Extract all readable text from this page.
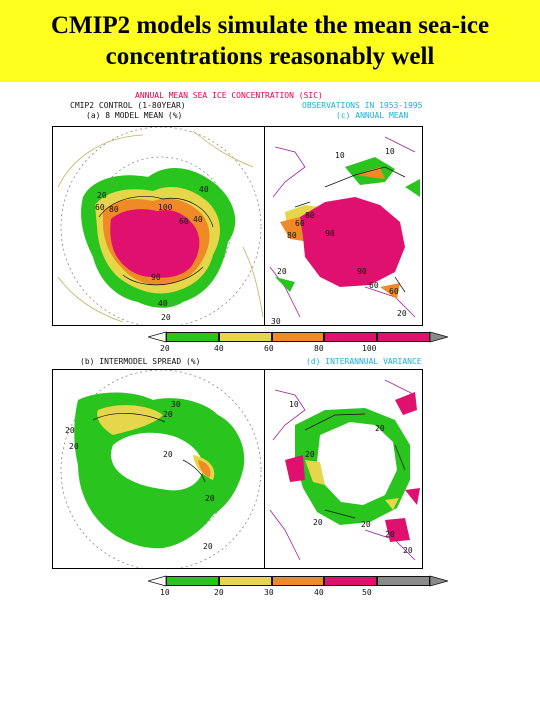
CMIP2 models simulate the mean sea-ice
concentrations reasonably well
ANNUAL MEAN SEA ICE CONCENTRATION (SIC)
CMIP2 CONTROL (1-80YEAR)
(a) 8 MODEL MEAN (%)
OBSERVATIONS IN 1953-1995
(c) ANNUAL MEAN
20
60 80	100
40
90
40
40
60
20
10	10
60
80
90
90
80
60
60
20
20
30
20	40	60	80	100
(b) INTERMODEL SPREAD (%)	(d) INTERANNUAL VARIANCE
30
20
20
20
20
20
20
10
20
20
20	20
20
20
10	20	30	40	50
